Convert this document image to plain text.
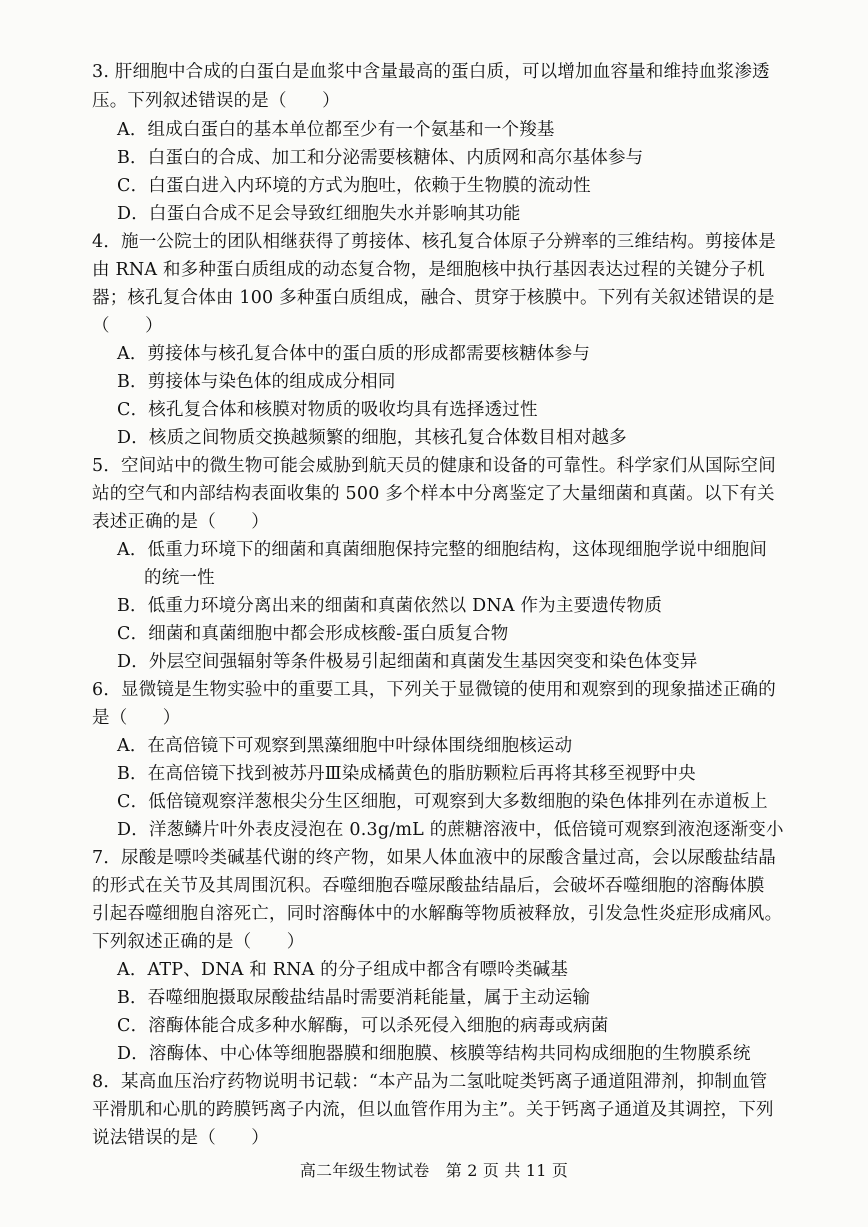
3. 肝细胞中合成的白蛋白是血浆中含量最高的蛋白质，可以增加血容量和维持血浆渗透

压。下列叙述错误的是（　　）

A．组成白蛋白的基本单位都至少有一个氨基和一个羧基

B．白蛋白的合成、加工和分泌需要核糖体、内质网和高尔基体参与

C．白蛋白进入内环境的方式为胞吐，依赖于生物膜的流动性

D．白蛋白合成不足会导致红细胞失水并影响其功能

4．施一公院士的团队相继获得了剪接体、核孔复合体原子分辨率的三维结构。剪接体是

由 RNA 和多种蛋白质组成的动态复合物，是细胞核中执行基因表达过程的关键分子机

器；核孔复合体由 100 多种蛋白质组成，融合、贯穿于核膜中。下列有关叙述错误的是

（　　）

A．剪接体与核孔复合体中的蛋白质的形成都需要核糖体参与

B．剪接体与染色体的组成成分相同

C．核孔复合体和核膜对物质的吸收均具有选择透过性

D．核质之间物质交换越频繁的细胞，其核孔复合体数目相对越多

5．空间站中的微生物可能会威胁到航天员的健康和设备的可靠性。科学家们从国际空间

站的空气和内部结构表面收集的 500 多个样本中分离鉴定了大量细菌和真菌。以下有关

表述正确的是（　　）

A．低重力环境下的细菌和真菌细胞保持完整的细胞结构，这体现细胞学说中细胞间

的统一性

B．低重力环境分离出来的细菌和真菌依然以 DNA 作为主要遗传物质

C．细菌和真菌细胞中都会形成核酸-蛋白质复合物

D．外层空间强辐射等条件极易引起细菌和真菌发生基因突变和染色体变异

6．显微镜是生物实验中的重要工具，下列关于显微镜的使用和观察到的现象描述正确的

是（　　）

A．在高倍镜下可观察到黑藻细胞中叶绿体围绕细胞核运动

B．在高倍镜下找到被苏丹Ⅲ染成橘黄色的脂肪颗粒后再将其移至视野中央

C．低倍镜观察洋葱根尖分生区细胞，可观察到大多数细胞的染色体排列在赤道板上

D．洋葱鳞片叶外表皮浸泡在 0.3g/mL 的蔗糖溶液中，低倍镜可观察到液泡逐渐变小

7．尿酸是嘌呤类碱基代谢的终产物，如果人体血液中的尿酸含量过高，会以尿酸盐结晶

的形式在关节及其周围沉积。吞噬细胞吞噬尿酸盐结晶后，会破坏吞噬细胞的溶酶体膜

引起吞噬细胞自溶死亡，同时溶酶体中的水解酶等物质被释放，引发急性炎症形成痛风。

下列叙述正确的是（　　）

A．ATP、DNA 和 RNA 的分子组成中都含有嘌呤类碱基

B．吞噬细胞摄取尿酸盐结晶时需要消耗能量，属于主动运输

C．溶酶体能合成多种水解酶，可以杀死侵入细胞的病毒或病菌

D．溶酶体、中心体等细胞器膜和细胞膜、核膜等结构共同构成细胞的生物膜系统

8．某高血压治疗药物说明书记载：“本产品为二氢吡啶类钙离子通道阻滞剂，抑制血管

平滑肌和心肌的跨膜钙离子内流，但以血管作用为主”。关于钙离子通道及其调控，下列

说法错误的是（　　）

高二年级生物试卷　第 2 页 共 11 页
